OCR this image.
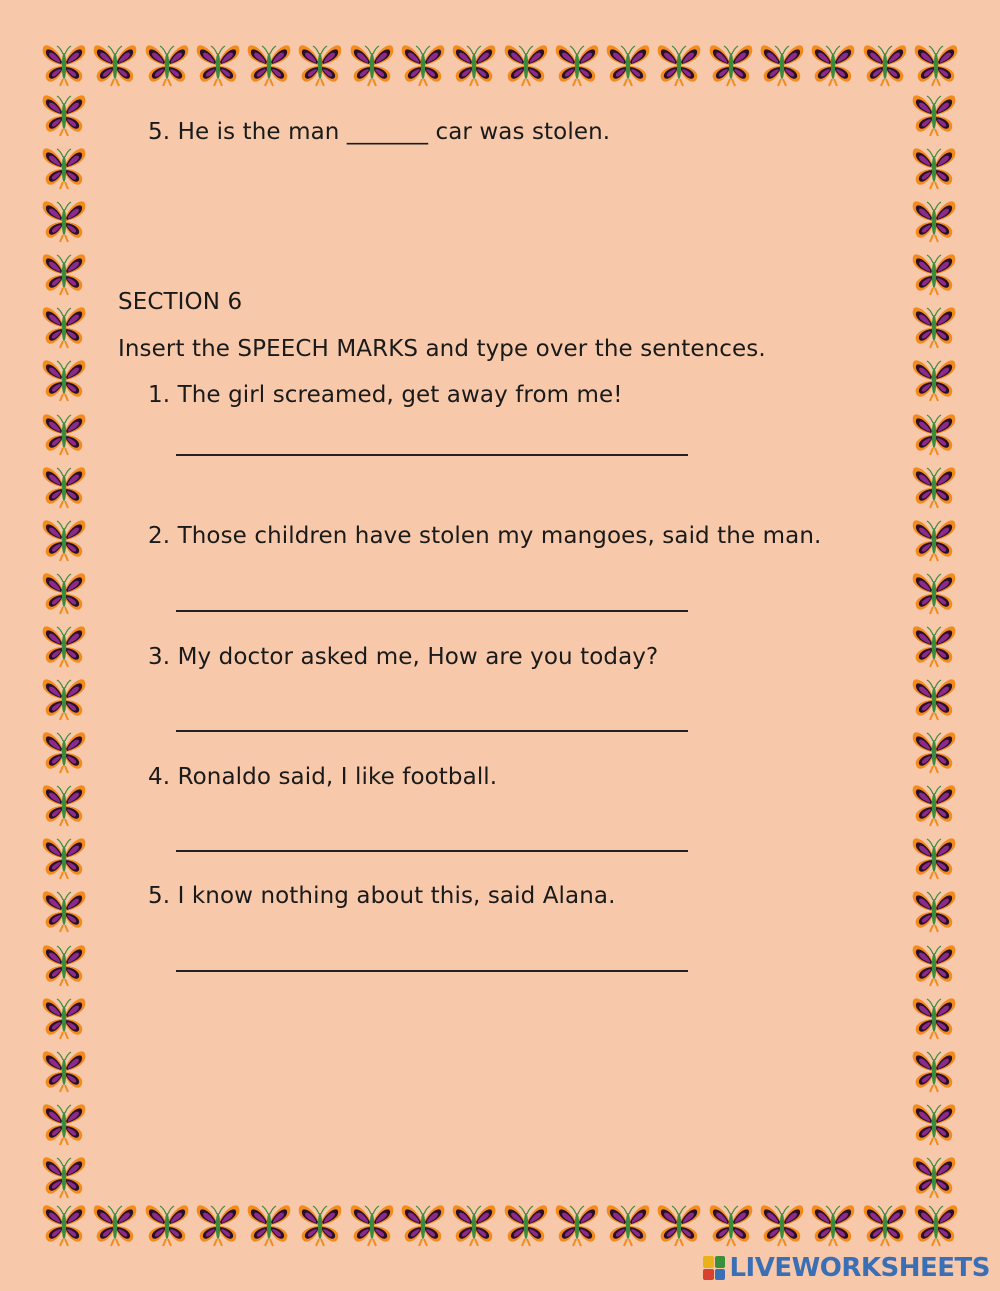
5. He is the man _______ car was stolen.
SECTION 6
Insert the SPEECH MARKS and type over the sentences.
1. The girl screamed, get away from me!
2. Those children have stolen my mangoes, said the man.
3. My doctor asked me, How are you today?
4. Ronaldo said, I like football.
5. I know nothing about this, said Alana.
LIVEWORKSHEETS
